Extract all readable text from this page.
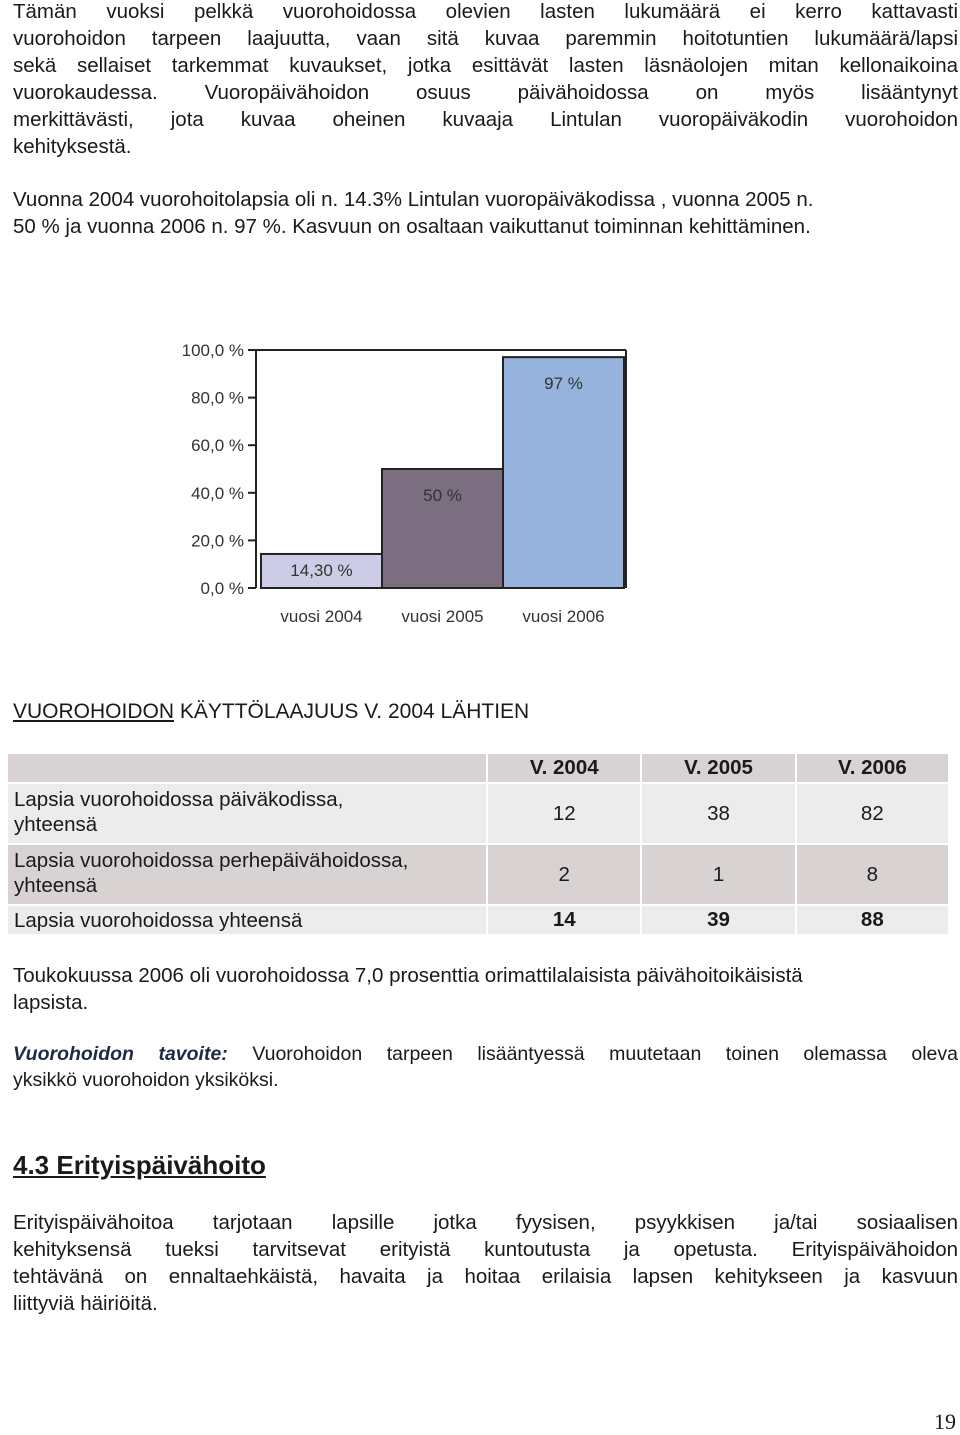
Tämän vuoksi pelkkä vuorohoidossa olevien lasten lukumäärä ei kerro kattavasti
vuorohoidon tarpeen laajuutta, vaan sitä kuvaa paremmin hoitotuntien lukumäärä/lapsi
sekä sellaiset tarkemmat kuvaukset, jotka esittävät lasten läsnäolojen mitan kellonaikoina
vuorokaudessa. Vuoropäivähoidon osuus päivähoidossa on myös lisääntynyt
merkittävästi, jota kuvaa oheinen kuvaaja Lintulan vuoropäiväkodin vuorohoidon
kehityksestä.
Vuonna 2004 vuorohoitolapsia oli n. 14.3% Lintulan vuoropäiväkodissa , vuonna 2005 n.
50 % ja vuonna 2006 n. 97 %. Kasvuun on osaltaan vaikuttanut toiminnan kehittäminen.
0,0 %
20,0 %
40,0 %
60,0 %
80,0 %
100,0 %
14,30 %
vuosi 2004
50 %
vuosi 2005
97 %
vuosi 2006
VUOROHOIDON KÄYTTÖLAAJUUS V. 2004 LÄHTIEN
	V. 2004	V. 2005	V. 2006
Lapsia vuorohoidossa päiväkodissa,
yhteensä	12	38	82
Lapsia vuorohoidossa perhepäivähoidossa,
yhteensä	2	1	8
Lapsia vuorohoidossa yhteensä	14	39	88
Toukokuussa 2006 oli vuorohoidossa 7,0 prosenttia orimattilalaisista päivähoitoikäisistä
lapsista.
Vuorohoidon tavoite: Vuorohoidon tarpeen lisääntyessä muutetaan toinen olemassa oleva
yksikkö vuorohoidon yksiköksi.
4.3 Erityispäivähoito
Erityispäivähoitoa tarjotaan lapsille jotka fyysisen, psyykkisen ja/tai sosiaalisen
kehityksensä tueksi tarvitsevat erityistä kuntoutusta ja opetusta. Erityispäivähoidon
tehtävänä on ennaltaehkäistä, havaita ja hoitaa erilaisia lapsen kehitykseen ja kasvuun
liittyviä häiriöitä.
19
